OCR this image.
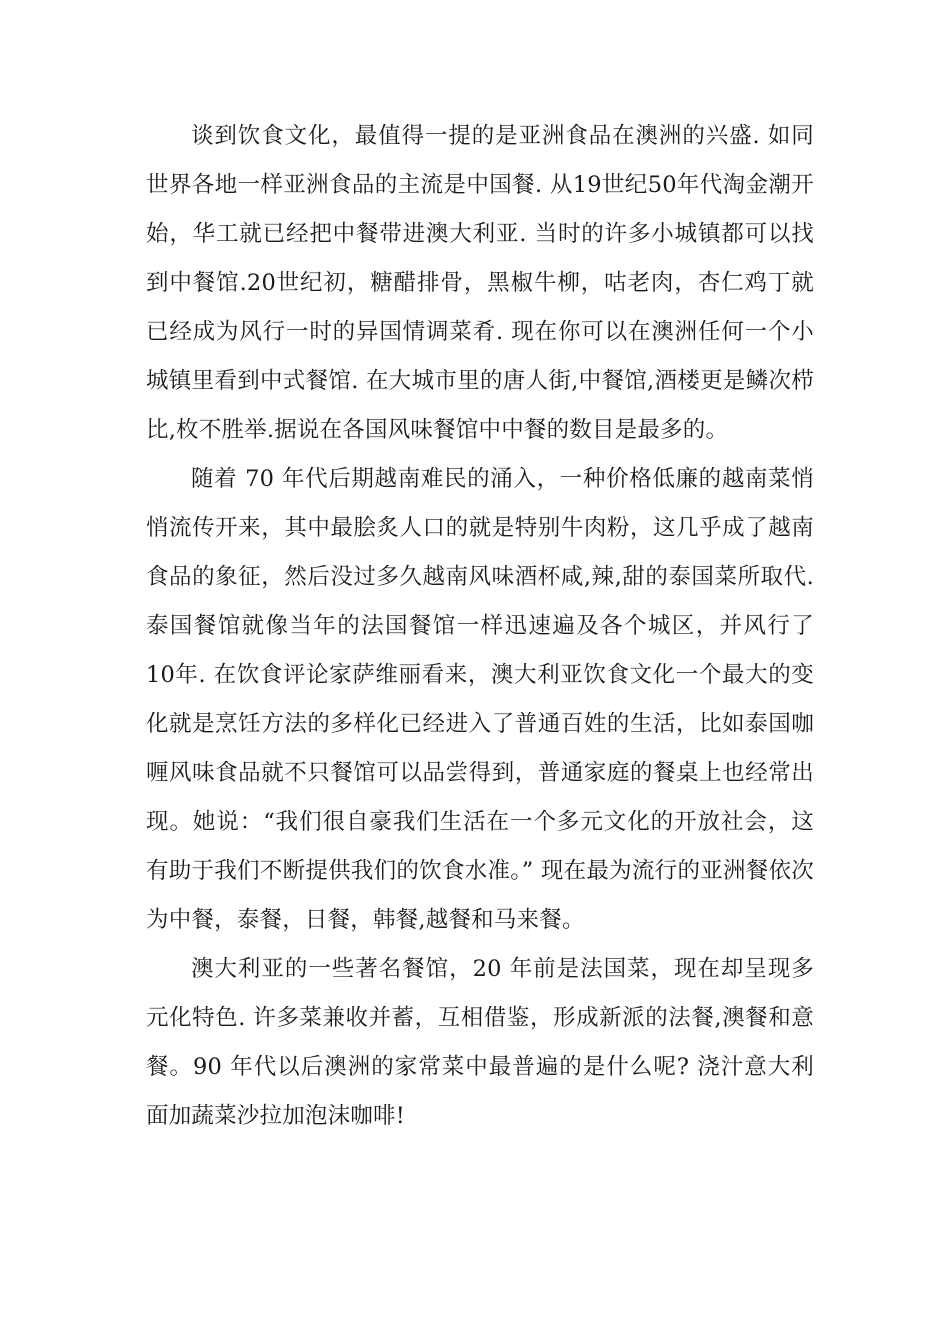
谈到饮食文化，最值得一提的是亚洲食品在澳洲的兴盛. 如同世界各地一样亚洲食品的主流是中国餐. 从19世纪50年代淘金潮开始，华工就已经把中餐带进澳大利亚. 当时的许多小城镇都可以找到中餐馆.20世纪初，糖醋排骨，黑椒牛柳，咕老肉，杏仁鸡丁就已经成为风行一时的异国情调菜肴. 现在你可以在澳洲任何一个小城镇里看到中式餐馆. 在大城市里的唐人街,中餐馆,酒楼更是鳞次栉比,枚不胜举.据说在各国风味餐馆中中餐的数目是最多的。

随着 70 年代后期越南难民的涌入，一种价格低廉的越南菜悄悄流传开来，其中最脍炙人口的就是特别牛肉粉，这几乎成了越南食品的象征，然后没过多久越南风味酒杯咸,辣,甜的泰国菜所取代.泰国餐馆就像当年的法国餐馆一样迅速遍及各个城区，并风行了 10年. 在饮食评论家萨维丽看来，澳大利亚饮食文化一个最大的变化就是烹饪方法的多样化已经进入了普通百姓的生活，比如泰国咖喱风味食品就不只餐馆可以品尝得到，普通家庭的餐桌上也经常出现。她说：“我们很自豪我们生活在一个多元文化的开放社会，这有助于我们不断提供我们的饮食水准。” 现在最为流行的亚洲餐依次为中餐，泰餐，日餐，韩餐,越餐和马来餐。

澳大利亚的一些著名餐馆，20 年前是法国菜，现在却呈现多元化特色. 许多菜兼收并蓄，互相借鉴，形成新派的法餐,澳餐和意餐。90 年代以后澳洲的家常菜中最普遍的是什么呢? 浇汁意大利面加蔬菜沙拉加泡沫咖啡!
